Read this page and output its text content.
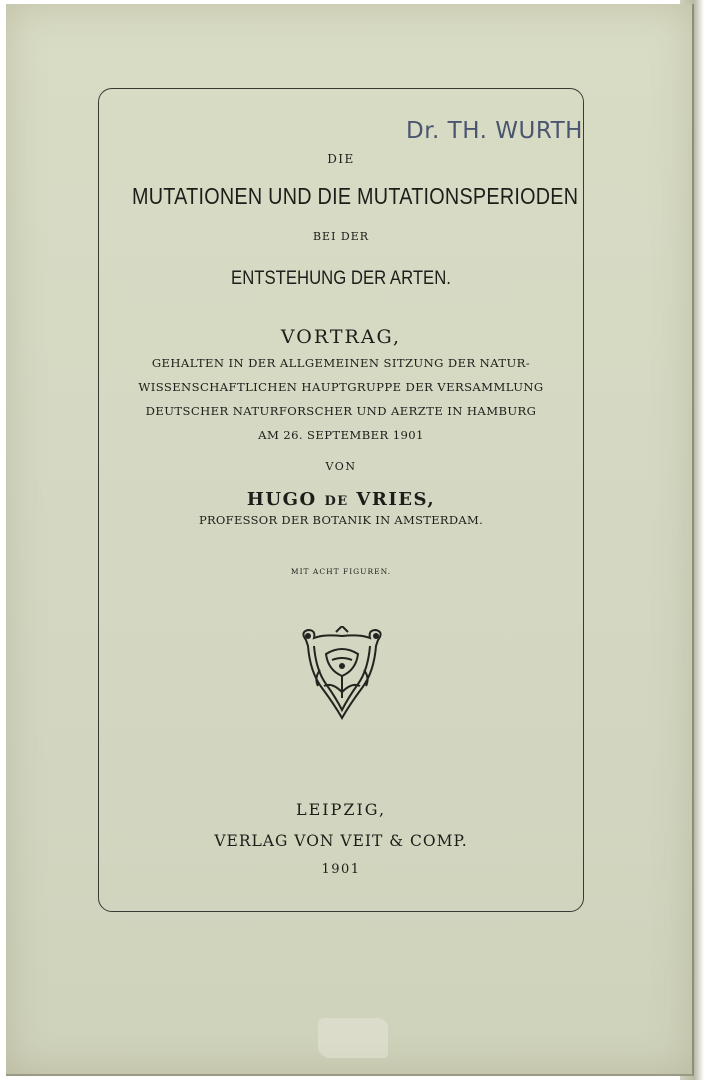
Dr. TH. WURTH
DIE
MUTATIONEN UND DIE MUTATIONSPERIODEN
BEI DER
ENTSTEHUNG DER ARTEN.
VORTRAG,
GEHALTEN IN DER ALLGEMEINEN SITZUNG DER NATUR-
WISSENSCHAFTLICHEN HAUPTGRUPPE DER VERSAMMLUNG
DEUTSCHER NATURFORSCHER UND AERZTE IN HAMBURG
AM 26. SEPTEMBER 1901
VON
HUGO DE VRIES,
PROFESSOR DER BOTANIK IN AMSTERDAM.
MIT ACHT FIGUREN.
LEIPZIG,
VERLAG VON VEIT & COMP.
1901
